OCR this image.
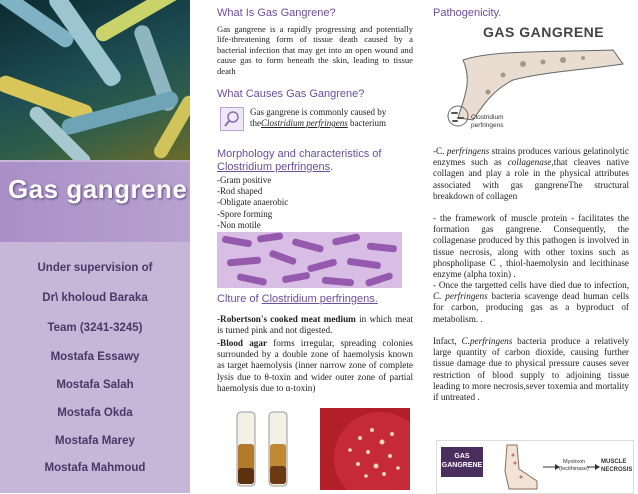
Gas gangrene
Under supervision of
Dr\ kholoud Baraka
Team (3241-3245)
Mostafa Essawy
Mostafa Salah
Mostafa Okda
Mostafa Marey
Mostafa Mahmoud
What Is Gas Gangrene?
Gas gangrene is a rapidly progressing and potentially life-threatening form of tissue death caused by a bacterial infection that may get into an open wound and cause gas to form beneath the skin, leading to tissue death
What Causes Gas Gangrene?
Gas gangrene is commonly caused by theClostridium perfringens bacterium
Morphology and characteristics of Clostridium perfringens.
-Gram positive
-Rod shaped
-Obligate anaerobic
-Spore forming
-Non motile
Clture of Clostridium perfringens.
-Robertson's cooked meat medium in which meat is turned pink and not digested.
-Blood agar forms irregular, spreading colonies surrounded by a double zone of haemolysis known as target haemolysis (inner narrow zone of complete lysis due to θ-toxin and wider outer zone of partial haemolysis due to α-toxin)
Pathogenicity.
GAS GANGRENE
Clostridium perfringens
-C. perfringens strains produces various gelatinolytic enzymes such as collagenase,that cleaves native collagen and play a role in the physical attributes associated with gas gangreneThe structural breakdown of collagen
- the framework of muscle protein - facilitates the formation gas gangrene. Consequently, the collagenase produced by this pathogen is involved in tissue necrosis, along with other toxins such as phospholipase C , thiol-haemolysin and lecithinase enzyme (alpha toxin) .
- Once the targetted cells have died due to infection, C. perfringens bacteria scavenge dead human cells for carbon, producing gas as a byproduct of metabolism. .
Infact, C.perfringens bacteria produce a relatively large quantity of carbon dioxide, causing further tissue damage due to physical pressure causes sever restriction of blood supply to adjoining tissue leading to more necrosis,sever toxemia and mortality if untreated .
GAS
GANGRENE	Myotoxin
(lecithinase)
MUSCLE
NECROSIS
